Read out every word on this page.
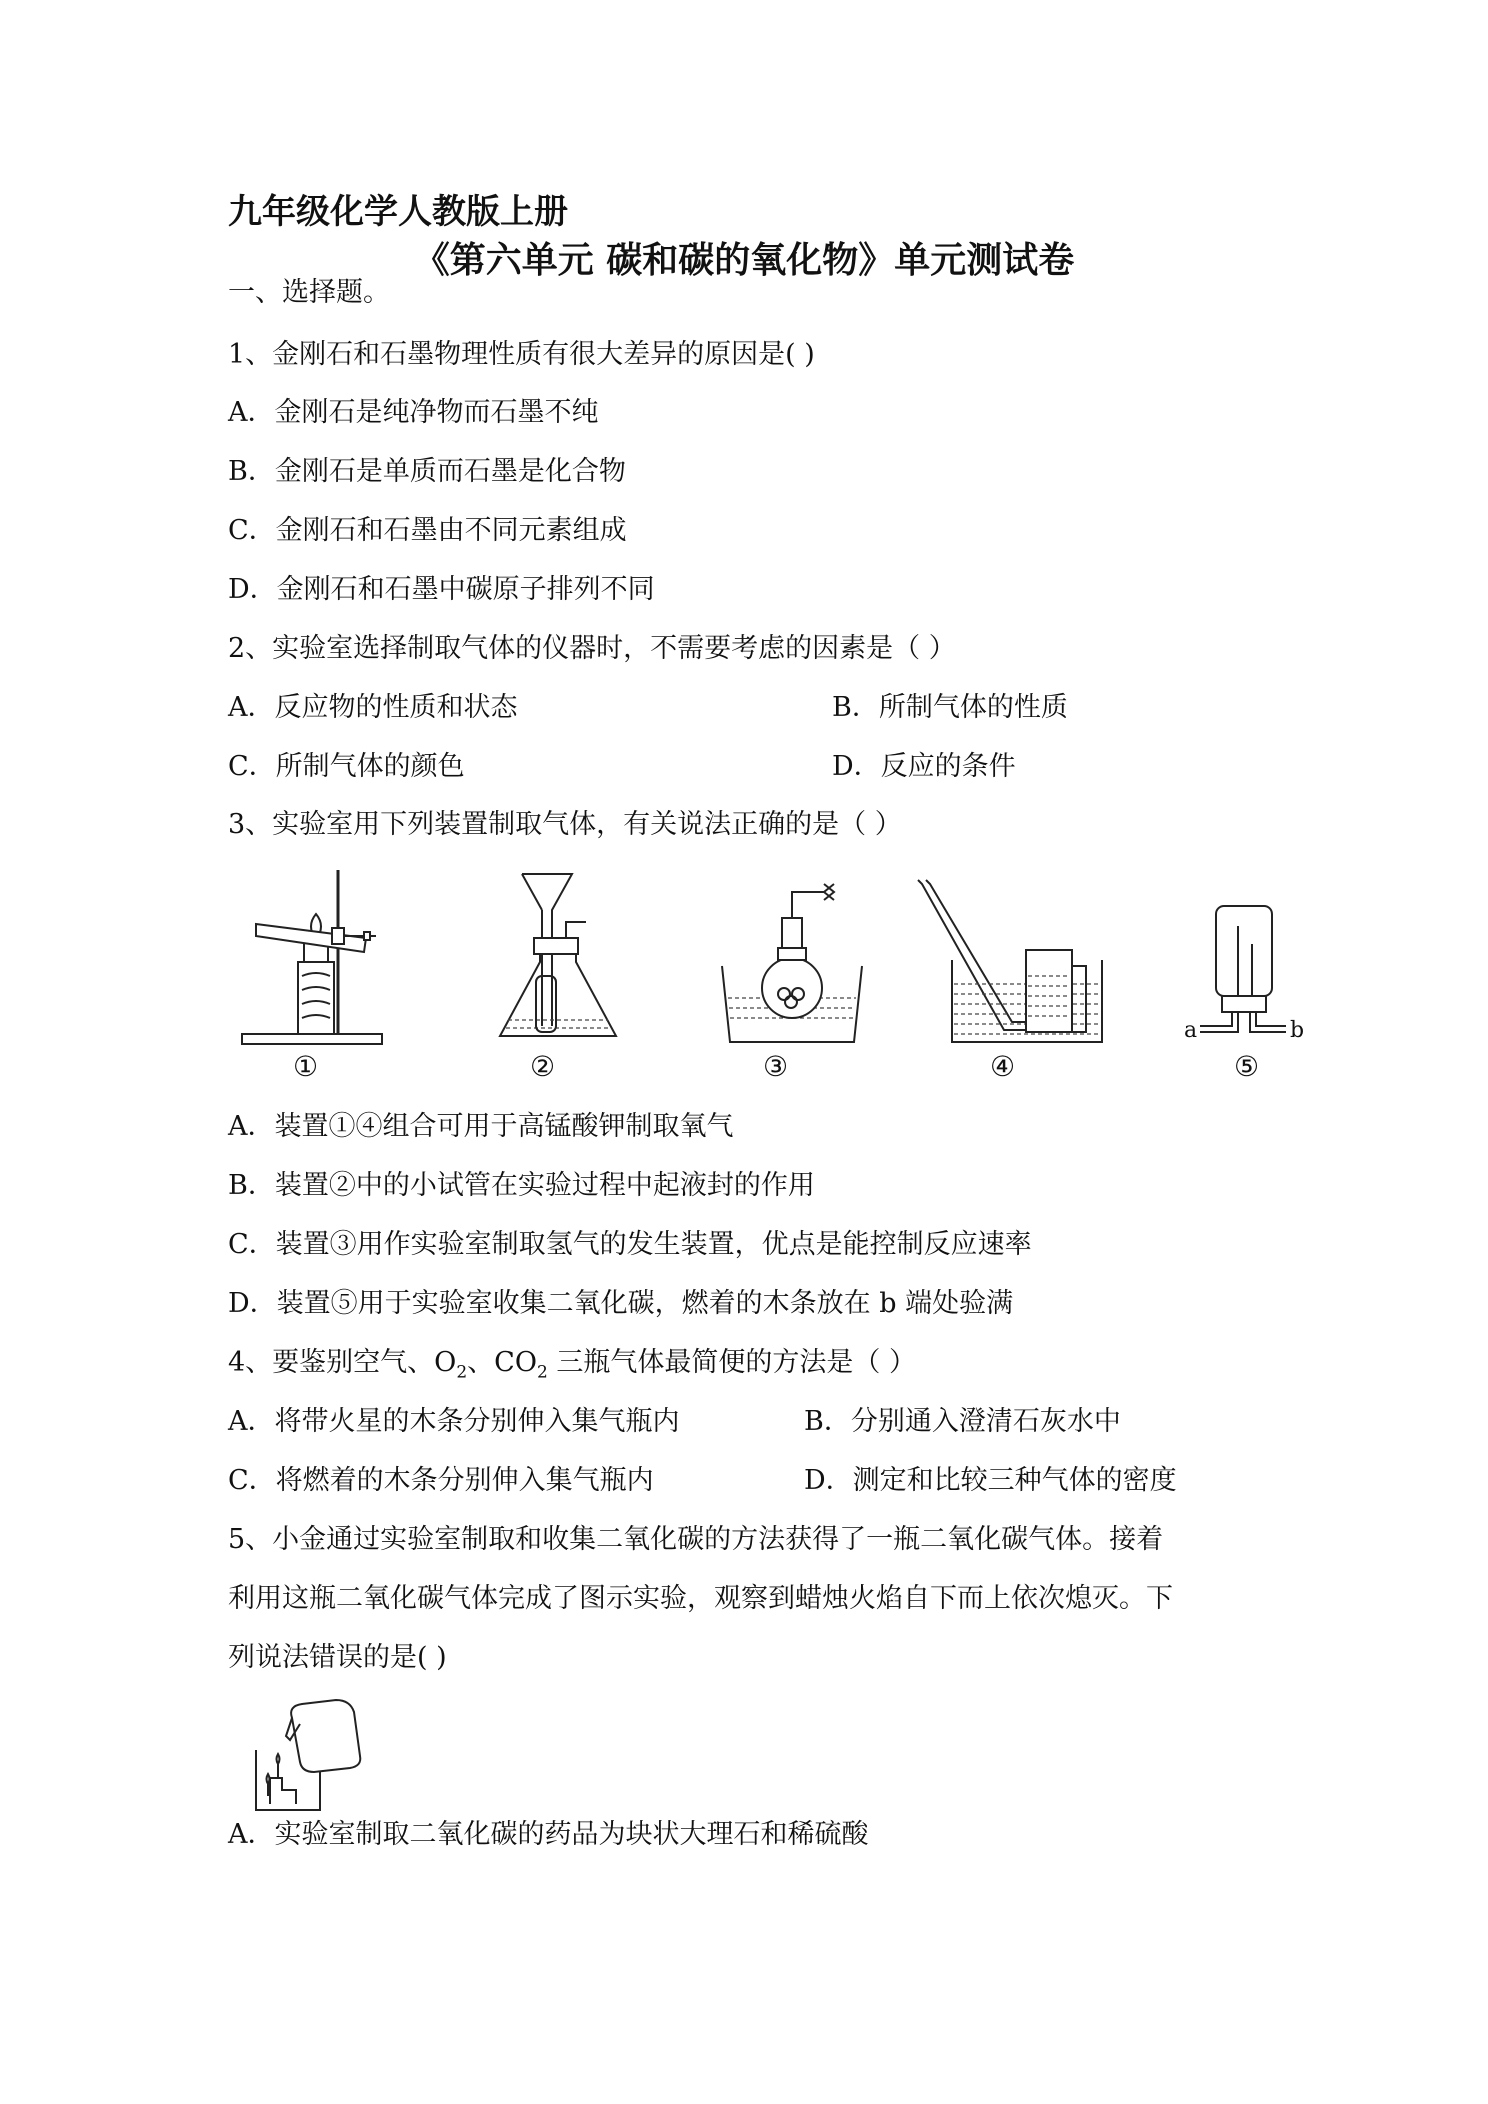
九年级化学人教版上册
《第六单元 碳和碳的氧化物》单元测试卷
一、选择题。
1、金刚石和石墨物理性质有很大差异的原因是( )
A．金刚石是纯净物而石墨不纯
B．金刚石是单质而石墨是化合物
C．金刚石和石墨由不同元素组成
D．金刚石和石墨中碳原子排列不同
2、实验室选择制取气体的仪器时，不需要考虑的因素是（ ）
A．反应物的性质和状态	B．所制气体的性质
C．所制气体的颜色	D．反应的条件
3、实验室用下列装置制取气体，有关说法正确的是（ ）
①	②	③	④
a	b
⑤
A．装置①④组合可用于高锰酸钾制取氧气
B．装置②中的小试管在实验过程中起液封的作用
C．装置③用作实验室制取氢气的发生装置，优点是能控制反应速率
D．装置⑤用于实验室收集二氧化碳，燃着的木条放在 b 端处验满
4、要鉴别空气、$O_2$、$CO_2$ 三瓶气体最简便的方法是（ ）
A．将带火星的木条分别伸入集气瓶内	B．分别通入澄清石灰水中
C．将燃着的木条分别伸入集气瓶内	D．测定和比较三种气体的密度
5、小金通过实验室制取和收集二氧化碳的方法获得了一瓶二氧化碳气体。接着
利用这瓶二氧化碳气体完成了图示实验，观察到蜡烛火焰自下而上依次熄灭。下
列说法错误的是( )
A．实验室制取二氧化碳的药品为块状大理石和稀硫酸
